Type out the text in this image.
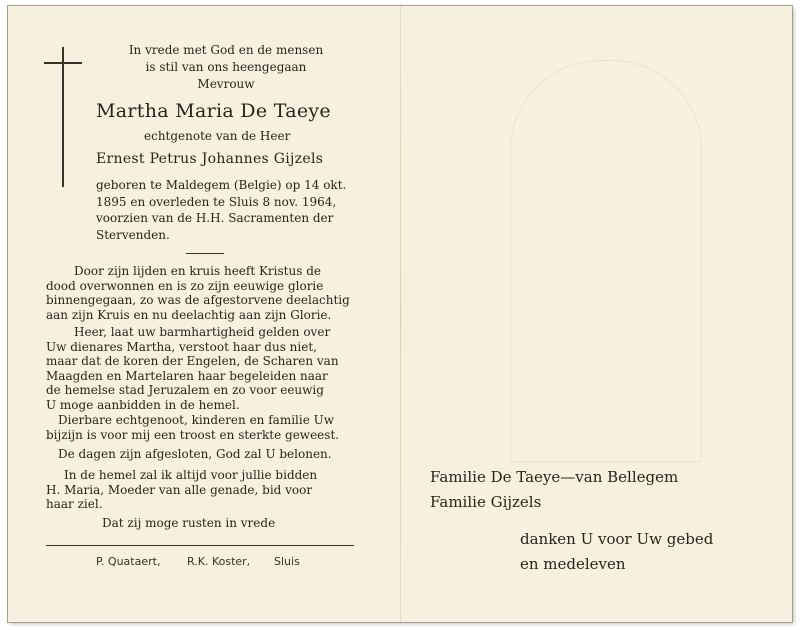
In vrede met God en de mensen
is stil van ons heengegaan
Mevrouw
Martha Maria De Taeye
echtgenote van de Heer
Ernest Petrus Johannes Gijzels
geboren te Maldegem (Belgie) op 14 okt.
1895 en overleden te Sluis 8 nov. 1964,
voorzien van de H.H. Sacramenten der
Stervenden.
Door zijn lijden en kruis heeft Kristus de
dood overwonnen en is zo zijn eeuwige glorie
binnengegaan, zo was de afgestorvene deelachtig
aan zijn Kruis en nu deelachtig aan zijn Glorie.
Heer, laat uw barmhartigheid gelden over
Uw dienares Martha, verstoot haar dus niet,
maar dat de koren der Engelen, de Scharen van
Maagden en Martelaren haar begeleiden naar
de hemelse stad Jeruzalem en zo voor eeuwig
U moge aanbidden in de hemel.
Dierbare echtgenoot, kinderen en familie Uw
bijzijn is voor mij een troost en sterkte geweest.
De dagen zijn afgesloten, God zal U belonen.
In de hemel zal ik altijd voor jullie bidden
H. Maria, Moeder van alle genade, bid voor
haar ziel.
Dat zij moge rusten in vrede
P. Quataert, R.K. Koster, Sluis
Familie De Taeye—van Bellegem
Familie Gijzels
danken U voor Uw gebed
en medeleven
